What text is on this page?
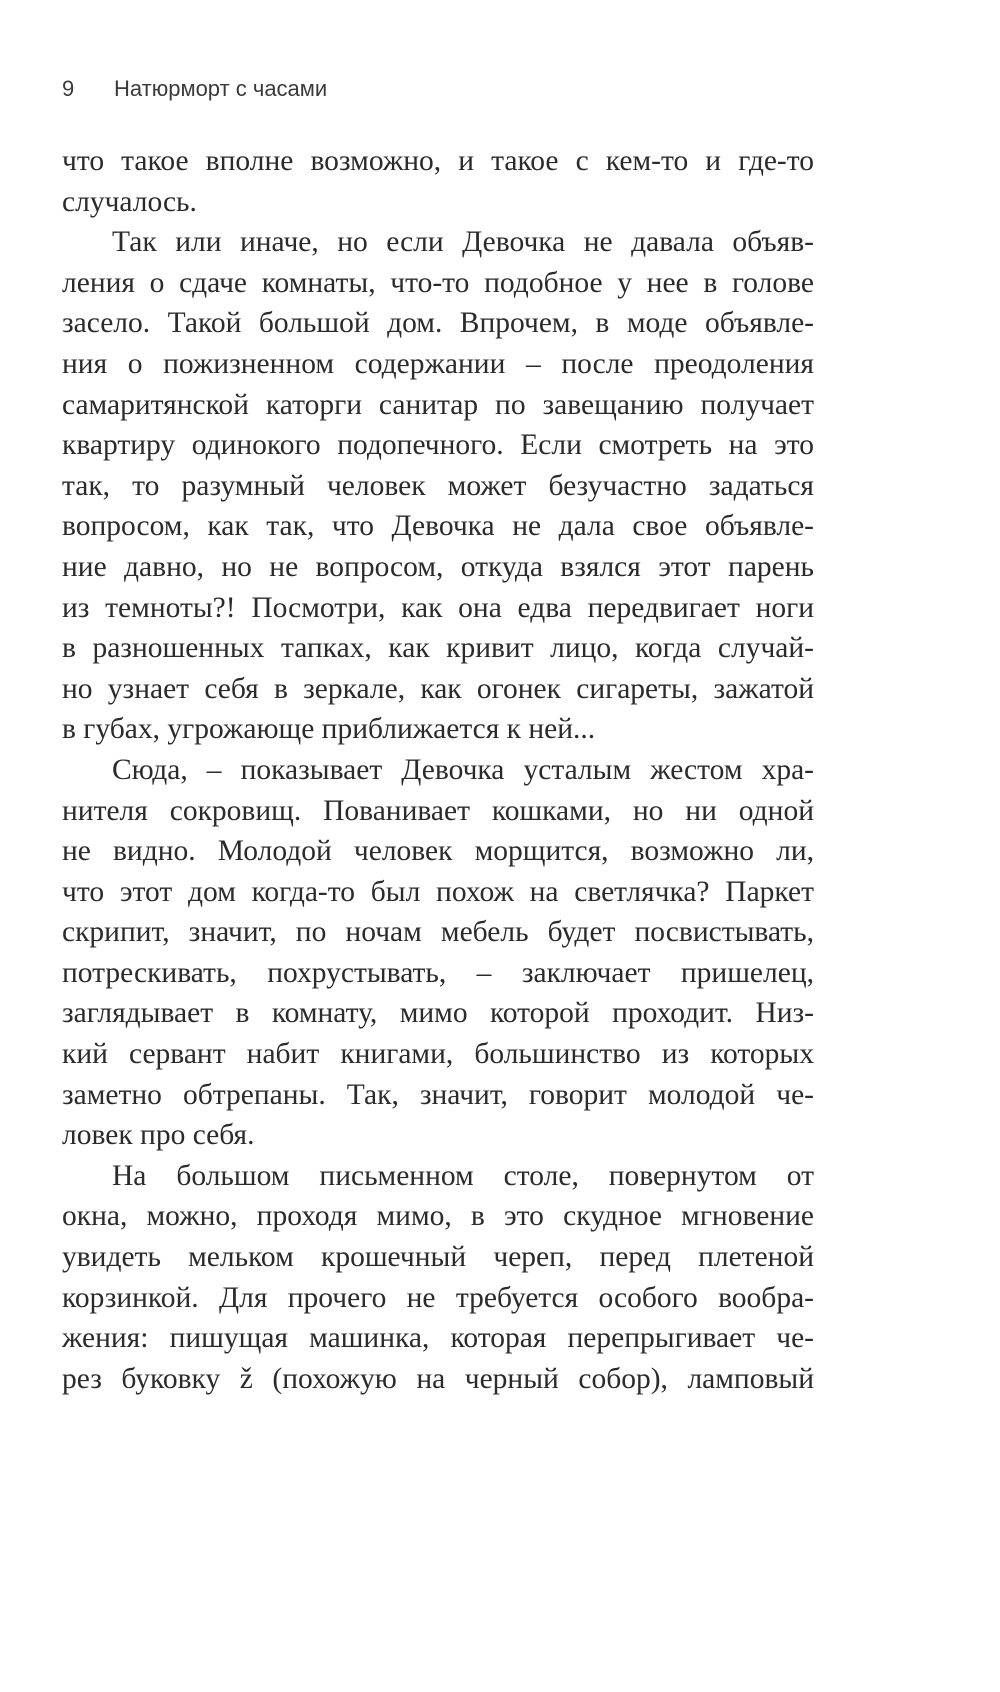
9 Натюрморт с часами
что такое вполне возможно, и такое с кем-то и где-то
случалось.
Так или иначе, но если Девочка не давала объяв-
ления о сдаче комнаты, что-то подобное у нее в голове
засело. Такой большой дом. Впрочем, в моде объявле-
ния о пожизненном содержании – после преодоления
самаритянской каторги санитар по завещанию получает
квартиру одинокого подопечного. Если смотреть на это
так, то разумный человек может безучастно задаться
вопросом, как так, что Девочка не дала свое объявле-
ние давно, но не вопросом, откуда взялся этот парень
из темноты?! Посмотри, как она едва передвигает ноги
в разношенных тапках, как кривит лицо, когда случай-
но узнает себя в зеркале, как огонек сигареты, зажатой
в губах, угрожающе приближается к ней...
Сюда, – показывает Девочка усталым жестом хра-
нителя сокровищ. Пованивает кошками, но ни одной
не видно. Молодой человек морщится, возможно ли,
что этот дом когда-то был похож на светлячка? Паркет
скрипит, значит, по ночам мебель будет посвистывать,
потрескивать, похрустывать, – заключает пришелец,
заглядывает в комнату, мимо которой проходит. Низ-
кий сервант набит книгами, большинство из которых
заметно обтрепаны. Так, значит, говорит молодой че-
ловек про себя.
На большом письменном столе, повернутом от
окна, можно, проходя мимо, в это скудное мгновение
увидеть мельком крошечный череп, перед плетеной
корзинкой. Для прочего не требуется особого вообра-
жения: пишущая машинка, которая перепрыгивает че-
рез буковку ž (похожую на черный собор), ламповый
